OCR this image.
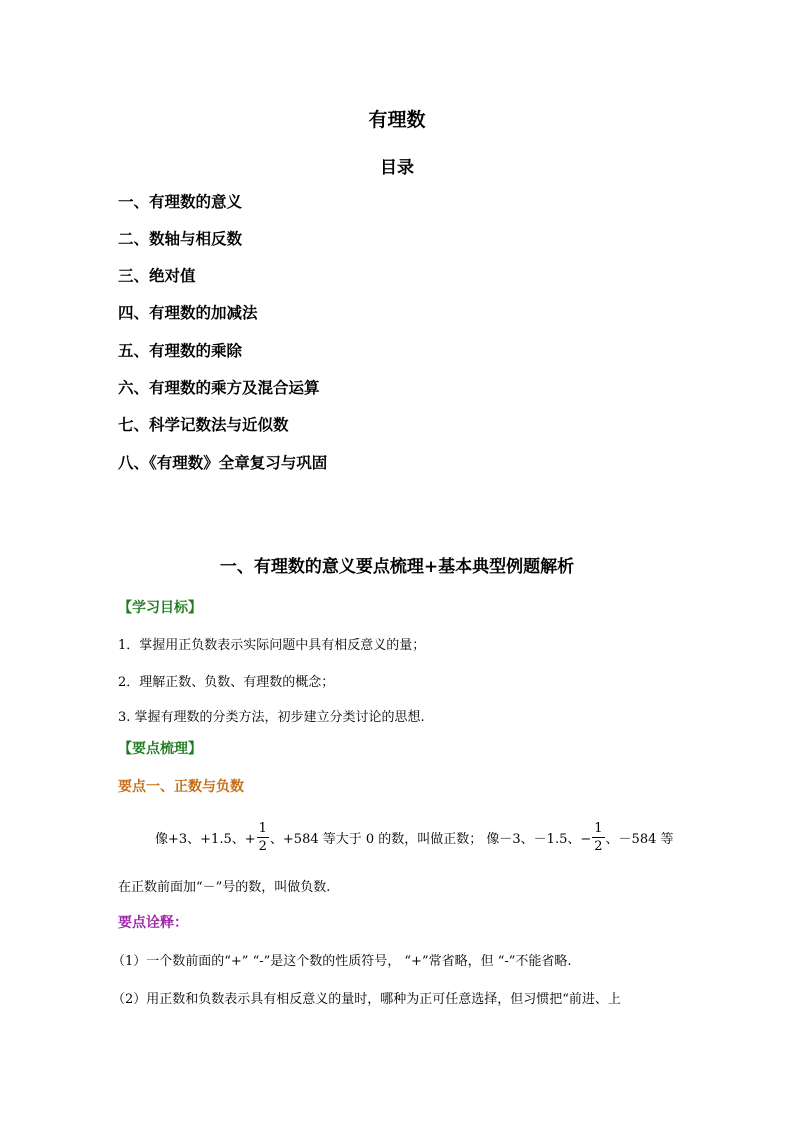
有理数
目录
一、有理数的意义
二、数轴与相反数
三、绝对值
四、有理数的加减法
五、有理数的乘除
六、有理数的乘方及混合运算
七、科学记数法与近似数
八、《有理数》全章复习与巩固
一、有理数的意义要点梳理+基本典型例题解析
【学习目标】
1．掌握用正负数表示实际问题中具有相反意义的量；
2．理解正数、负数、有理数的概念；
3. 掌握有理数的分类方法，初步建立分类讨论的思想.
【要点梳理】
要点一、正数与负数
像+3、+1.5、+ $\frac{1}{2}$ 、+584 等大于 0 的数，叫做正数； 像－3、－1.5、− $\frac{1}{2}$ 、－584 等
在正数前面加“－”号的数，叫做负数.
要点诠释：
（1）一个数前面的“+” “-”是这个数的性质符号， “+”常省略，但 “-”不能省略.
（2）用正数和负数表示具有相反意义的量时，哪种为正可任意选择，但习惯把“前进、上
